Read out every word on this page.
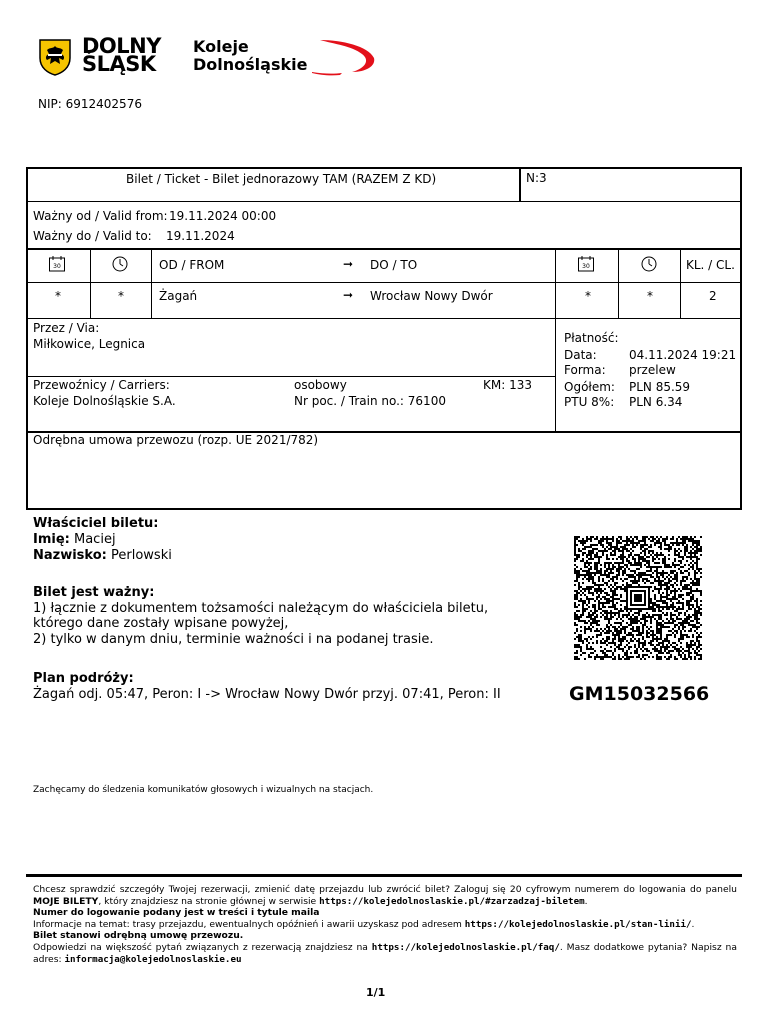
DOLNY
ŚLĄSK
Koleje
Dolnośląskie
NIP: 6912402576
Bilet / Ticket - Bilet jednorazowy TAM (RAZEM Z KD)	N:3
Ważny od / Valid from: 19.11.2024 00:00
Ważny do / Valid to: 19.11.2024
30	OD / FROM	➞ DO / TO	30	KL. / CL.
*	*	Żagań	➞ Wrocław Nowy Dwór	*	*	2
Przez / Via:
Miłkowice, Legnica
Przewoźnicy / Carriers:
Koleje Dolnośląskie S.A.
osobowy
Nr poc. / Train no.: 76100
KM: 133
Płatność:
Data:	04.11.2024 19:21
Forma: przelew
Ogółem: PLN 85.59
PTU 8%: PLN 6.34
Odrębna umowa przewozu (rozp. UE 2021/782)
Właściciel biletu:
Imię: Maciej
Nazwisko: Perlowski
Bilet jest ważny:
1) łącznie z dokumentem tożsamości należącym do właściciela biletu,
którego dane zostały wpisane powyżej,
2) tylko w danym dniu, terminie ważności i na podanej trasie.
Plan podróży:
Żagań odj. 05:47, Peron: I -> Wrocław Nowy Dwór przyj. 07:41, Peron: II	GM15032566
Zachęcamy do śledzenia komunikatów głosowych i wizualnych na stacjach.

Chcesz sprawdzić szczegóły Twojej rezerwacji, zmienić datę przejazdu lub zwrócić bilet? Zaloguj się 20 cyfrowym numerem do logowania do panelu MOJE BILETY, który znajdziesz na stronie głównej w serwisie https://kolejedolnoslaskie.pl/#zarzadzaj-biletem.

Numer do logowanie podany jest w treści i tytule maila

Informacje na temat: trasy przejazdu, ewentualnych opóźnień i awarii uzyskasz pod adresem https://kolejedolnoslaskie.pl/stan-linii/.

Bilet stanowi odrębną umowę przewozu.

Odpowiedzi na większość pytań związanych z rezerwacją znajdziesz na https://kolejedolnoslaskie.pl/faq/. Masz dodatkowe pytania? Napisz na adres: informacja@kolejedolnoslaskie.eu

1/1
